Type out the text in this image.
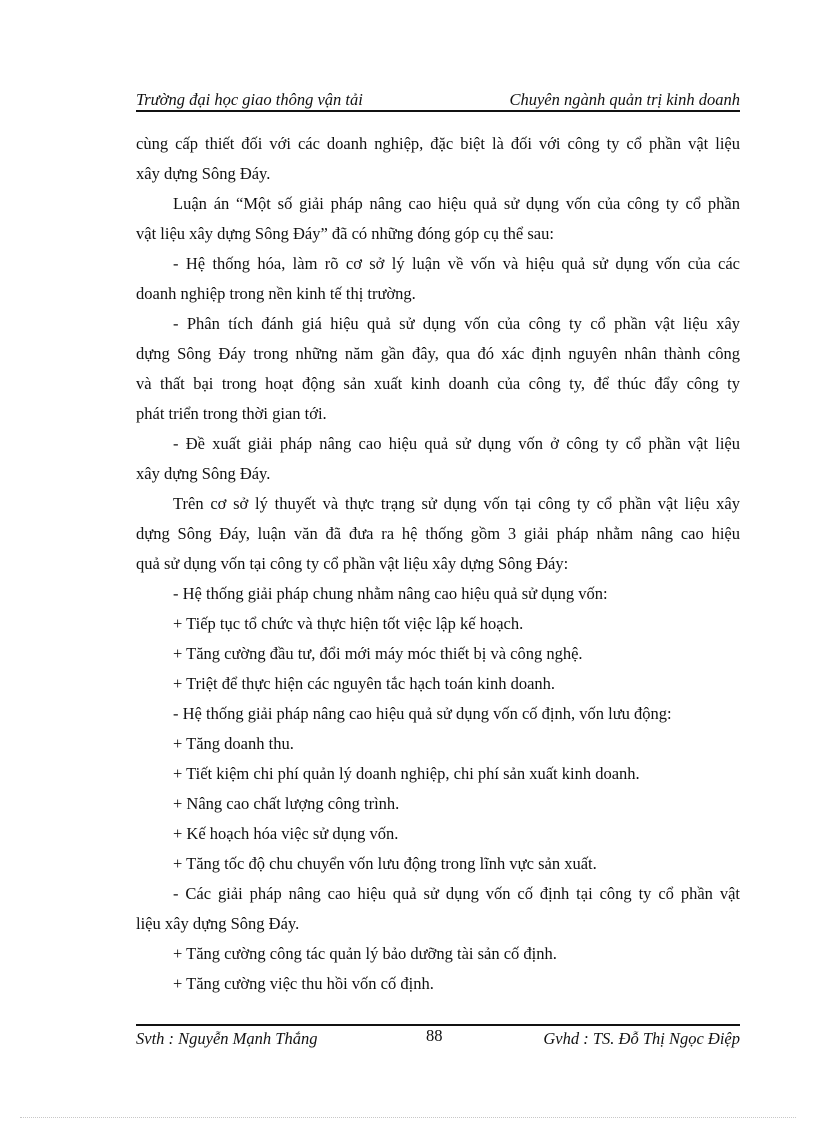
Trường đại học giao thông vận tải	Chuyên ngành quản trị kinh doanh
cùng cấp thiết đối với các doanh nghiệp, đặc biệt là đối với công ty cổ phần vật liệu
xây dựng Sông Đáy.
Luận án “Một số giải pháp nâng cao hiệu quả sử dụng vốn của công ty cổ phần
vật liệu xây dựng Sông Đáy” đã có những đóng góp cụ thể sau:
- Hệ thống hóa, làm rõ cơ sở lý luận về vốn và hiệu quả sử dụng vốn của các
doanh nghiệp trong nền kinh tế thị trường.
- Phân tích đánh giá hiệu quả sử dụng vốn của công ty cổ phần vật liệu xây
dựng Sông Đáy trong những năm gần đây, qua đó xác định nguyên nhân thành công
và thất bại trong hoạt động sản xuất kinh doanh của công ty, để thúc đẩy công ty
phát triển trong thời gian tới.
- Đề xuất giải pháp nâng cao hiệu quả sử dụng vốn ở công ty cổ phần vật liệu
xây dựng Sông Đáy.
Trên cơ sở lý thuyết và thực trạng sử dụng vốn tại công ty cổ phần vật liệu xây
dựng Sông Đáy, luận văn đã đưa ra hệ thống gồm 3 giải pháp nhằm nâng cao hiệu
quả sử dụng vốn tại công ty cổ phần vật liệu xây dựng Sông Đáy:
- Hệ thống giải pháp chung nhằm nâng cao hiệu quả sử dụng vốn:
+ Tiếp tục tổ chức và thực hiện tốt việc lập kế hoạch.
+ Tăng cường đầu tư, đổi mới máy móc thiết bị và công nghệ.
+ Triệt để thực hiện các nguyên tắc hạch toán kinh doanh.
- Hệ thống giải pháp nâng cao hiệu quả sử dụng vốn cố định, vốn lưu động:
+ Tăng doanh thu.
+ Tiết kiệm chi phí quản lý doanh nghiệp, chi phí sản xuất kinh doanh.
+ Nâng cao chất lượng công trình.
+ Kế hoạch hóa việc sử dụng vốn.
+ Tăng tốc độ chu chuyển vốn lưu động trong lĩnh vực sản xuất.
- Các giải pháp nâng cao hiệu quả sử dụng vốn cố định tại công ty cổ phần vật
liệu xây dựng Sông Đáy.
+ Tăng cường công tác quản lý bảo dưỡng tài sản cố định.
+ Tăng cường việc thu hồi vốn cố định.
Svth : Nguyễn Mạnh Thắng	88	Gvhd : TS. Đỗ Thị Ngọc Điệp
